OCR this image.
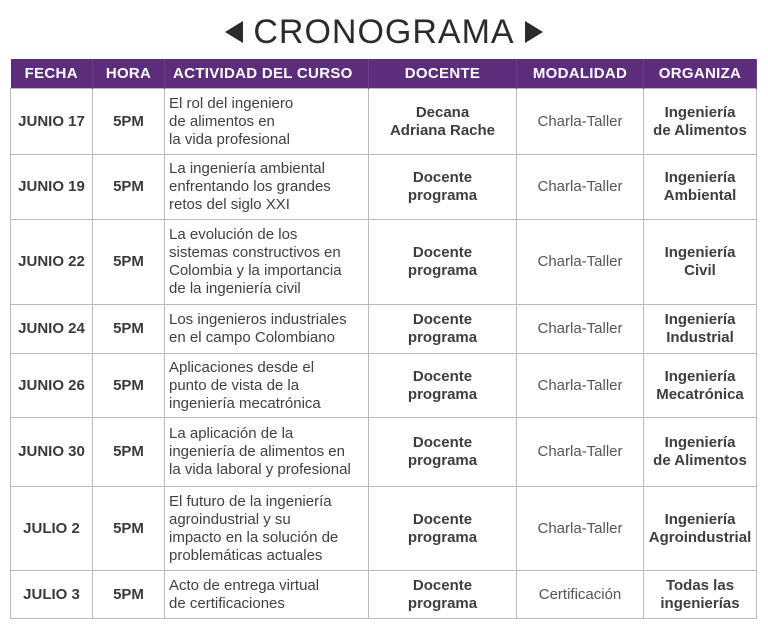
CRONOGRAMA
FECHA	HORA	ACTIVIDAD DEL CURSO	DOCENTE	MODALIDAD	ORGANIZA
JUNIO 17	5PM	El rol del ingeniero
de alimentos en
la vida profesional	Decana
Adriana Rache	Charla-Taller	Ingeniería
de Alimentos

JUNIO 19	5PM	La ingeniería ambiental
enfrentando los grandes
retos del siglo XXI	Docente
programa	Charla-Taller	Ingeniería
Ambiental

JUNIO 22	5PM	La evolución de los
sistemas constructivos en
Colombia y la importancia
de la ingeniería civil	Docente
programa	Charla-Taller	Ingeniería
Civil

JUNIO 24	5PM	Los ingenieros industriales
en el campo Colombiano	Docente
programa	Charla-Taller	Ingeniería
Industrial

JUNIO 26	5PM	Aplicaciones desde el
punto de vista de la
ingeniería mecatrónica	Docente
programa	Charla-Taller	Ingeniería
Mecatrónica

JUNIO 30	5PM	La aplicación de la
ingeniería de alimentos en
la vida laboral y profesional	Docente
programa	Charla-Taller	Ingeniería
de Alimentos

JULIO 2	5PM	El futuro de la ingeniería
agroindustrial y su
impacto en la solución de
problemáticas actuales	Docente
programa	Charla-Taller	Ingeniería
Agroindustrial

JULIO 3	5PM	Acto de entrega virtual
de certificaciones	Docente
programa	Certificación	Todas las
ingenierías
